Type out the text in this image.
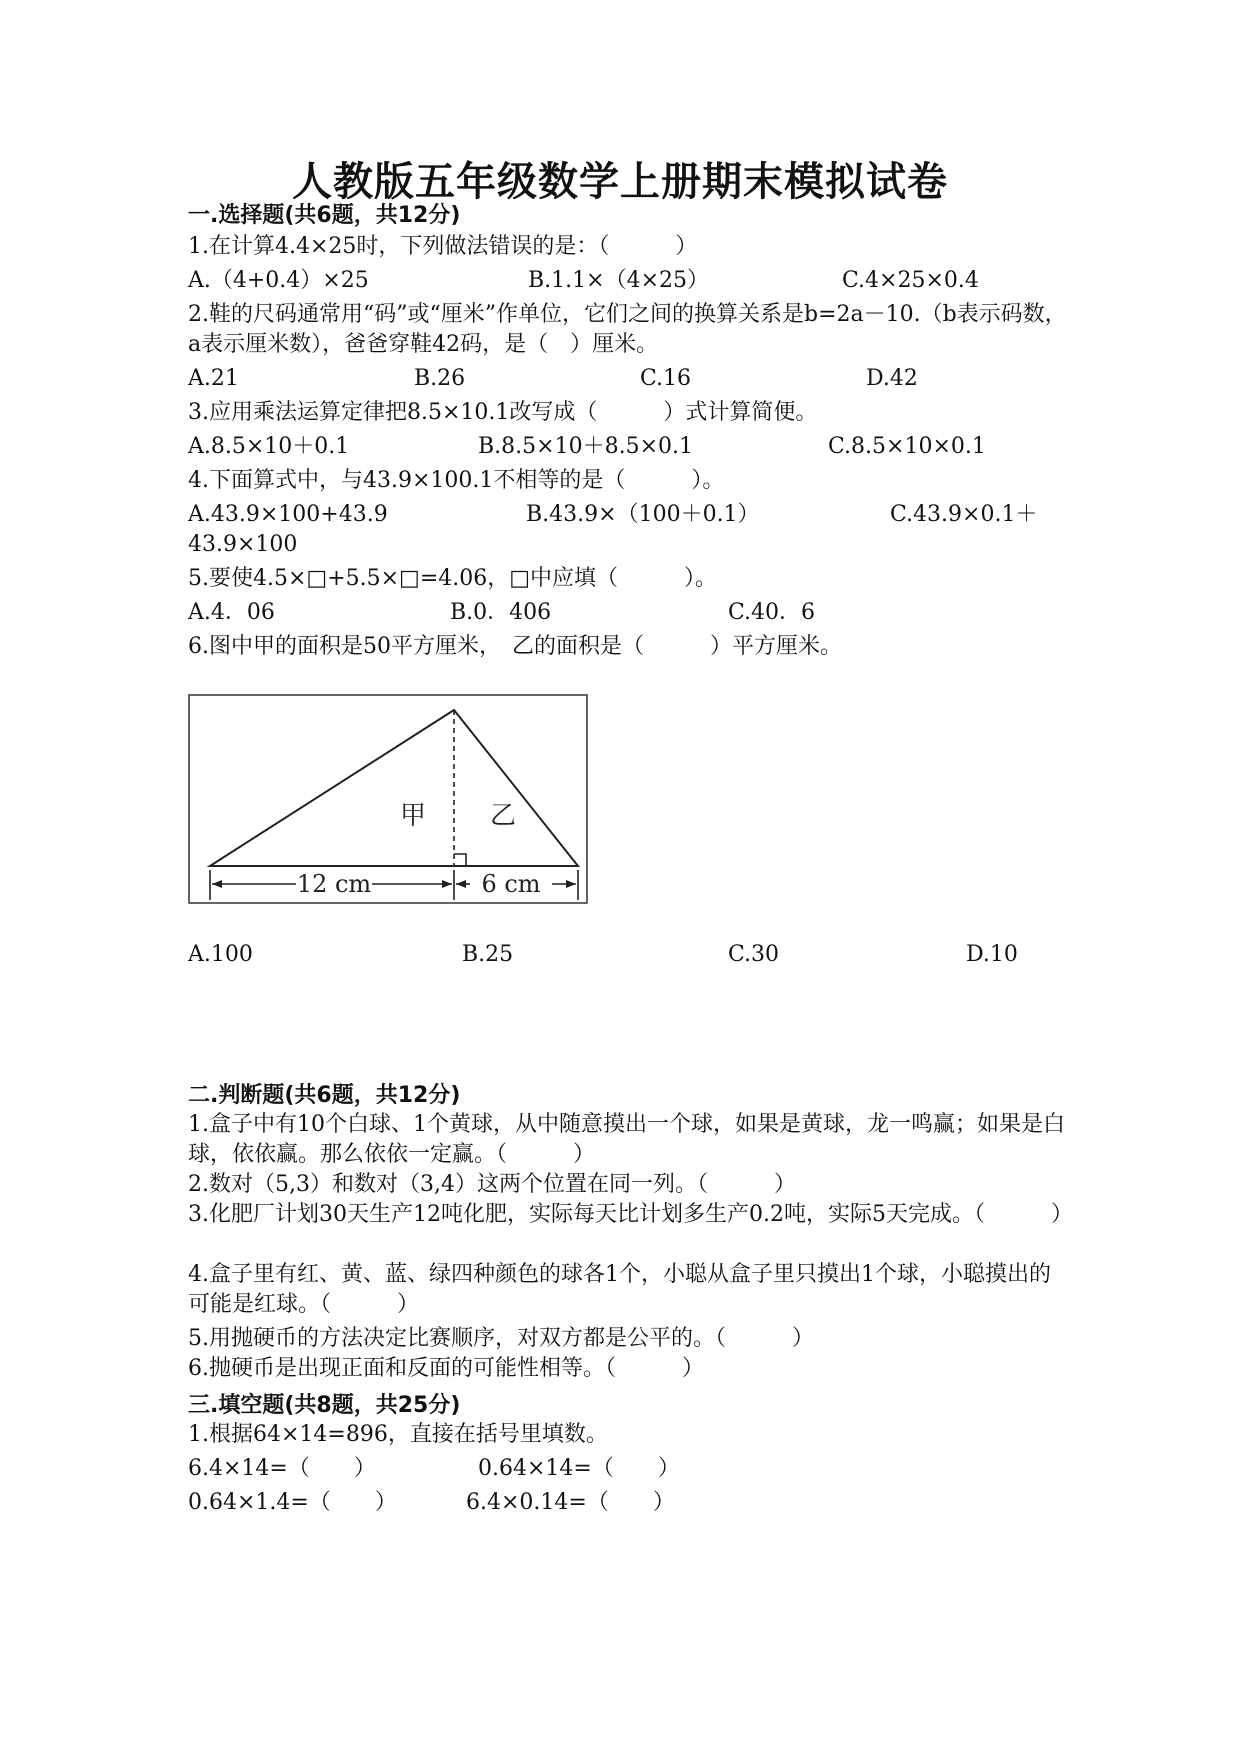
人教版五年级数学上册期末模拟试卷
一.选择题(共6题，共12分)
1.在计算4.4×25时，下列做法错误的是：（　　　）
A.（4+0.4）×25	B.1.1×（4×25）	C.4×25×0.4
2.鞋的尺码通常用“码”或“厘米”作单位，它们之间的换算关系是b=2a－10.（b表示码数，a表示厘米数），爸爸穿鞋42码，是（　）厘米。
A.21	B.26	C.16	D.42
3.应用乘法运算定律把8.5×10.1改写成（　　　）式计算简便。
A.8.5×10＋0.1	B.8.5×10＋8.5×0.1	C.8.5×10×0.1
4.下面算式中，与43.9×100.1不相等的是（　　　）。
A.43.9×100+43.9	B.43.9×（100＋0.1）	C.43.9×0.1＋
43.9×100
5.要使4.5×□+5.5×□=4.06，□中应填（　　　）。
A.4．06	B.0．406	C.40．6
6.图中甲的面积是50平方厘米，　乙的面积是（　　　）平方厘米。
甲 乙
12 cm	6 cm
A.100	B.25	C.30	D.10
二.判断题(共6题，共12分)
1.盒子中有10个白球、1个黄球，从中随意摸出一个球，如果是黄球，龙一鸣赢；如果是白球，依依赢。那么依依一定赢。（　　　）
2.数对（5,3）和数对（3,4）这两个位置在同一列。（　　　）
3.化肥厂计划30天生产12吨化肥，实际每天比计划多生产0.2吨，实际5天完成。（　　　）
4.盒子里有红、黄、蓝、绿四种颜色的球各1个，小聪从盒子里只摸出1个球，小聪摸出的可能是红球。（　　　）
5.用抛硬币的方法决定比赛顺序，对双方都是公平的。（　　　）
6.抛硬币是出现正面和反面的可能性相等。（　　　）
三.填空题(共8题，共25分)
1.根据64×14=896，直接在括号里填数。
6.4×14=（　　）	0.64×14=（　　）
0.64×1.4=（　　）	6.4×0.14=（　　）
